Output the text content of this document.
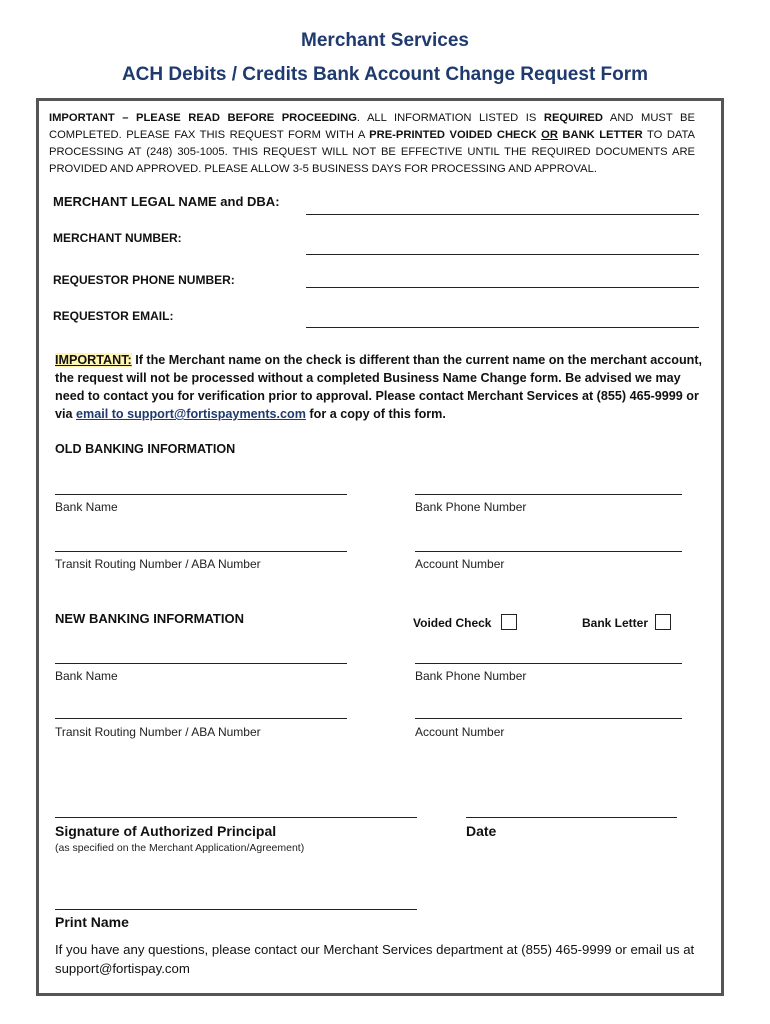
Merchant Services
ACH Debits / Credits Bank Account Change Request Form
IMPORTANT – PLEASE READ BEFORE PROCEEDING. ALL INFORMATION LISTED IS REQUIRED AND MUST BE COMPLETED. PLEASE FAX THIS REQUEST FORM WITH A PRE-PRINTED VOIDED CHECK OR BANK LETTER TO DATA PROCESSING AT (248) 305-1005. THIS REQUEST WILL NOT BE EFFECTIVE UNTIL THE REQUIRED DOCUMENTS ARE PROVIDED AND APPROVED. PLEASE ALLOW 3-5 BUSINESS DAYS FOR PROCESSING AND APPROVAL.
MERCHANT LEGAL NAME and DBA:
MERCHANT NUMBER:
REQUESTOR PHONE NUMBER:
REQUESTOR EMAIL:
IMPORTANT: If the Merchant name on the check is different than the current name on the merchant account, the request will not be processed without a completed Business Name Change form. Be advised we may need to contact you for verification prior to approval. Please contact Merchant Services at (855) 465-9999 or via email to support@fortispayments.com for a copy of this form.
OLD BANKING INFORMATION
Bank Name	Bank Phone Number
Transit Routing Number / ABA Number	Account Number
NEW BANKING INFORMATION	Voided Check	Bank Letter
Bank Name	Bank Phone Number
Transit Routing Number / ABA Number	Account Number
Signature of Authorized Principal	Date
(as specified on the Merchant Application/Agreement)
Print Name
If you have any questions, please contact our Merchant Services department at (855) 465-9999 or email us at support@fortispay.com
